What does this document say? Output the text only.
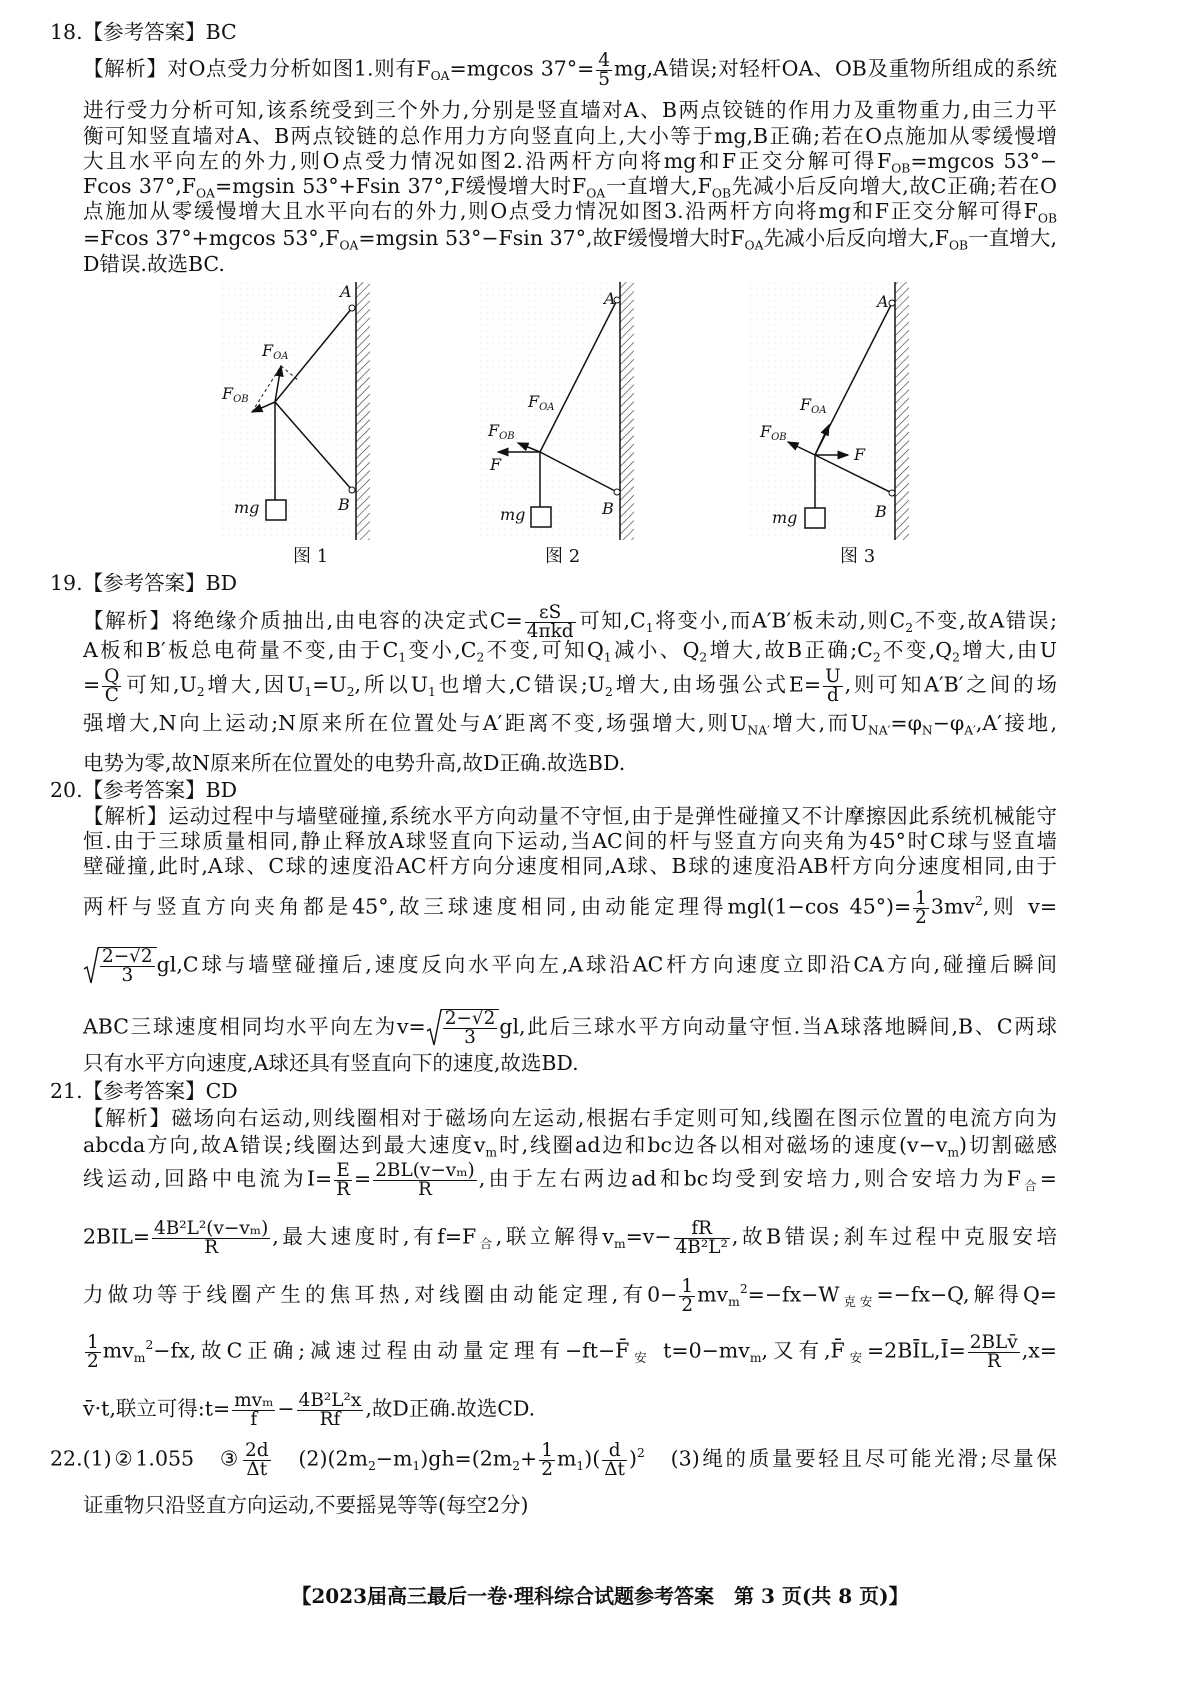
18.【参考答案】BC
【解析】对O点受力分析如图1.则有$F_{OA}=mgcos$ $37^\circ= \frac{4}{5} mg,A$错误;对轻杆OA、OB及重物所组成的系统
进行受力分析可知,该系统受到三个外力,分别是竖直墙对A、B两点铰链的作用力及重物重力,由三力平
衡可知竖直墙对A、B两点铰链的总作用力方向竖直向上,大小等于mg,B正确;若在O点施加从零缓慢增
大且水平向左的外力,则O点受力情况如图2.沿两杆方向将mg和F正交分解可得$F_{OB}=mgcos$ 53°−
Fcos $37^\circ,F_{OA}=mgsin$ 53°+Fsin 37°,F缓慢增大时$F_{OA}$一直增大$,F_{OB}$先减小后反向增大,故C正确;若在O
点施加从零缓慢增大且水平向右的外力,则O点受力情况如图3.沿两杆方向将mg和F正交分解可得$F_{OB}$
=Fcos 37°+mgcos $53^\circ,F_{OA}=mgsin$ 53°−Fsin 37°,故F缓慢增大时$F_{OA}$先减小后反向增大$,F_{OB}$一直增大,
D错误.故选BC.
19.【参考答案】BD
【解析】将绝缘介质抽出,由电容的决定式$C= \frac{\varepsilon S}{\text{4πkd}}$ 可知$,C_1$将变小,而A′B′板未动,则$C_2$不变,故A错误;
A板和B′板总电荷量不变,由于$C_1$变小$,C_2$不变,可知$Q_1$减小、$Q_2$增大,故B正确$;C_2$不变$,Q_2$增大,由U
= $\frac{Q}{C}$ 可知$,U_2$增大,因$U_1=U_2$,所以$U_1$也增大,C错误$;U_2$增大,由场强公式$E= \frac{U}{d}$ ,则可知A′B′之间的场
强增大,N向上运动;N原来所在位置处与A′距离不变,场强增大,则$U_{NA'}$增大,而$U_{NA'}=\varphi_N-\varphi_{A'},A'$接地,
电势为零,故N原来所在位置处的电势升高,故D正确.故选BD.
20.【参考答案】BD
【解析】运动过程中与墙壁碰撞,系统水平方向动量不守恒,由于是弹性碰撞又不计摩擦因此系统机械能守
恒.由于三球质量相同,静止释放A球竖直向下运动,当AC间的杆与竖直方向夹角为45°时C球与竖直墙
壁碰撞,此时,A球、C球的速度沿AC杆方向分速度相同,A球、B球的速度沿AB杆方向分速度相同,由于
两杆与竖直方向夹角都是45°,故三球速度相同,由动能定理得mgl(1−cos $45^\circ)= \frac{1}{2} 3mv^2$,则 v=
$\frac{2-√2}{3} gl,C$球与墙壁碰撞后,速度反向水平向左,A球沿AC杆方向速度立即沿CA方向,碰撞后瞬间
ABC三球速度相同均水平向左为$v= \frac{2-√2}{3}$ gl,此后三球水平方向动量守恒.当A球落地瞬间,B、C两球
只有水平方向速度,A球还具有竖直向下的速度,故选BD.
21.【参考答案】CD
【解析】磁场向右运动,则线圈相对于磁场向左运动,根据右手定则可知,线圈在图示位置的电流方向为
abcda方向,故A错误;线圈达到最大速度$v_m$时,线圈ad边和bc边各以相对磁场的速度$(v-v_m)$切割磁感
线运动,回路中电流为$I= \frac{E}{R} = \frac{\text{2BL(v−vₘ)}}{R}$ ,由于左右两边ad和bc均受到安培力,则合安培力为$F_合=$
$2BIL= \frac{\text{4B²L²(v−vₘ)}}{R}$ ,最大速度时,有$f=F_合$,联立解得$v_m=v- \frac{fR}{\text{4B²L²}}$ ,故B错误;刹车过程中克服安培
力做功等于线圈产生的焦耳热,对线圈由动能定理,有$0- \frac{1}{2} mv_m^2=-fx-W_{克安}=-fx-Q$,解得Q=
$\frac{1}{2} mv_m^2-fx$,故C正确;减速过程由动量定理有$-ft-F̄_安$ $t=0-mv_m$,又有$,F̄_安=2BĪL,Ī= \frac{\text{2BLv̄}}{R} ,x=$
v̄·t,联立可得:t= $\frac{\text{mvₘ}}{f} - \frac{\text{4B²L²x}}{Rf}$ ,故D正确.故选CD.
22.(1)②1.055　③ $\frac{2d}{\Delta t}$ 　$(2)(2m_2-m_1)gh=(2m_2+ \frac{1}{2} m_1)( \frac{d}{\Delta t} )^2$　(3)绳的质量要轻且尽可能光滑;尽量保
证重物只沿竖直方向运动,不要摇晃等等(每空2分)
A
B
FOA
FOB
mg
图 1
A
B
FOA
FOB
F
mg
图 2
A
B
FOA
FOB
F
mg
图 3
【2023届高三最后一卷·理科综合试题参考答案　第 3 页(共 8 页)】
